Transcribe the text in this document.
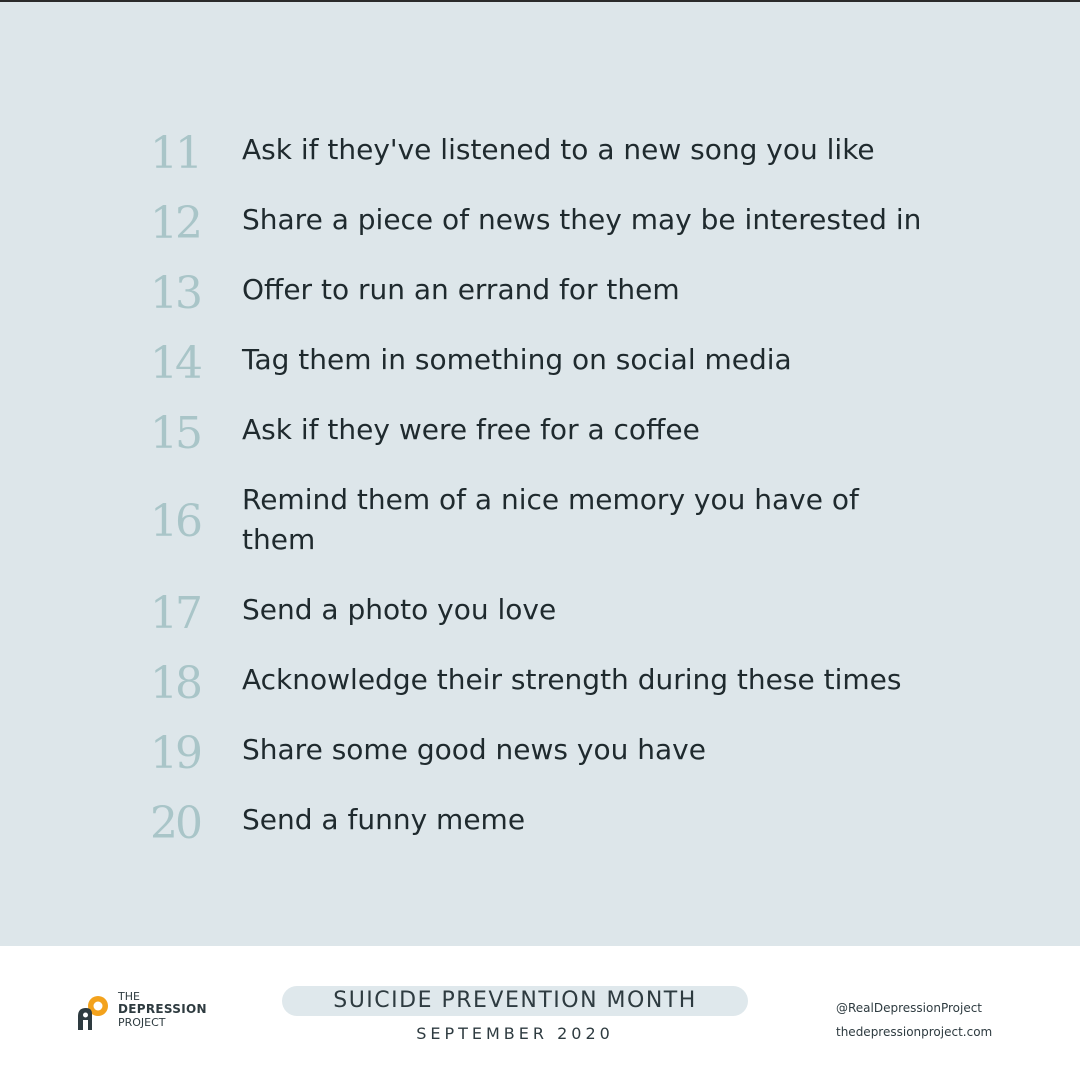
11 Ask if they've listened to a new song you like
12 Share a piece of news they may be interested in
13 Offer to run an errand for them
14 Tag them in something on social media
15 Ask if they were free for a coffee
16 Remind them of a nice memory you have of them
17 Send a photo you love
18 Acknowledge their strength during these times
19 Share some good news you have
20 Send a funny meme
THE
DEPRESSION
PROJECT
SUICIDE PREVENTION MONTH
SEPTEMBER 2020
@RealDepressionProject
thedepressionproject.com
